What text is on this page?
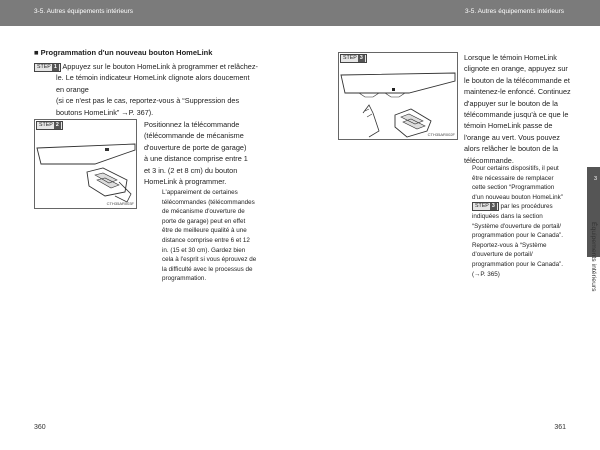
3-5. Autres équipements intérieurs	3-5. Autres équipements intérieurs
■ Programmation d'un nouveau bouton HomeLink
STEP 1 Appuyez sur le bouton HomeLink à programmer et relâchez-
le. Le témoin indicateur HomeLink clignote alors doucement
en orange
(si ce n'est pas le cas, reportez-vous à “Suppression des
boutons HomeLink” →P. 367).
STEP 2
CTH35AR003F
Positionnez la télécommande
(télécommande de mécanisme
d'ouverture de porte de garage)
à une distance comprise entre 1
et 3 in. (2 et 8 cm) du bouton
HomeLink à programmer.
L'appareiment de certaines
télécommandes (télécommandes
de mécanisme d'ouverture de
porte de garage) peut en effet
être de meilleure qualité à une
distance comprise entre 6 et 12
in. (15 et 30 cm). Gardez bien
cela à l'esprit si vous éprouvez de
la difficulté avec le processus de
programmation.
360
STEP 3
CTH35AR002F
Lorsque le témoin HomeLink
clignote en orange, appuyez sur
le bouton de la télécommande et
maintenez-le enfoncé. Continuez
d'appuyer sur le bouton de la
télécommande jusqu'à ce que le
témoin HomeLink passe de
l'orange au vert. Vous pouvez
alors relâcher le bouton de la
télécommande.
Pour certains dispositifs, il peut
être nécessaire de remplacer
cette section “Programmation
d'un nouveau bouton HomeLink”
STEP 3 par les procédures
indiquées dans la section
“Système d'ouverture de portail/
programmation pour le Canada”.
Reportez-vous à “Système
d'ouverture de portail/
programmation pour le Canada”.
(→P. 365)
3
Équipements intérieurs
361
